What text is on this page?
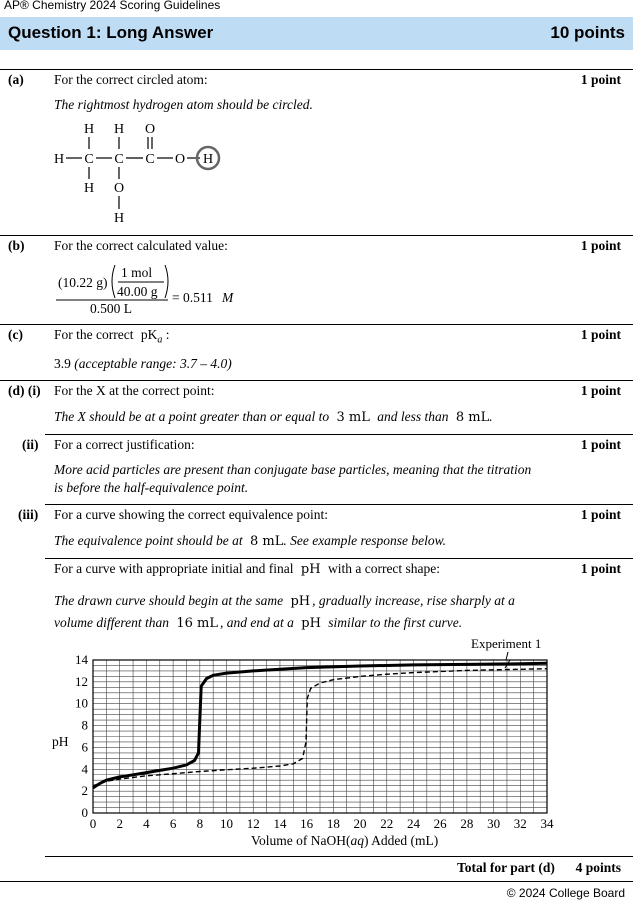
AP® Chemistry 2024 Scoring Guidelines
Question 1: Long Answer	10 points
(a) For the correct circled atom:	1 point
The rightmost hydrogen atom should be circled.
H H O
H C C C O H
H O
H
(b) For the correct calculated value:	1 point
(10.22 g)
1 mol
40.00 g
0.500 L
= 0.511 M
(c) For the correct $pK_a$ :	1 point
3.9 (acceptable range: 3.7 – 4.0)
(d) (i) For the X at the correct point:	1 point
The X should be at a point greater than or equal to 3 mL and less than 8 mL.
(ii) For a correct justification:	1 point
More acid particles are present than conjugate base particles, meaning that the titration
is before the half-equivalence point.
(iii) For a curve showing the correct equivalence point:	1 point
The equivalence point should be at 8 mL. See example response below.
For a curve with appropriate initial and final pH with a correct shape:	1 point
The drawn curve should begin at the same pH , gradually increase, rise sharply at a
volume different than 16 mL , and end at a pH similar to the first curve.
0 2 4 6 8 10 12 14 16 18 20 22 24 26 28 30 32 34
0
2
4
6
8
10
12
14
Volume of NaOH(aq) Added (mL)
pH
Experiment 1
Total for part (d) 4 points
© 2024 College Board
